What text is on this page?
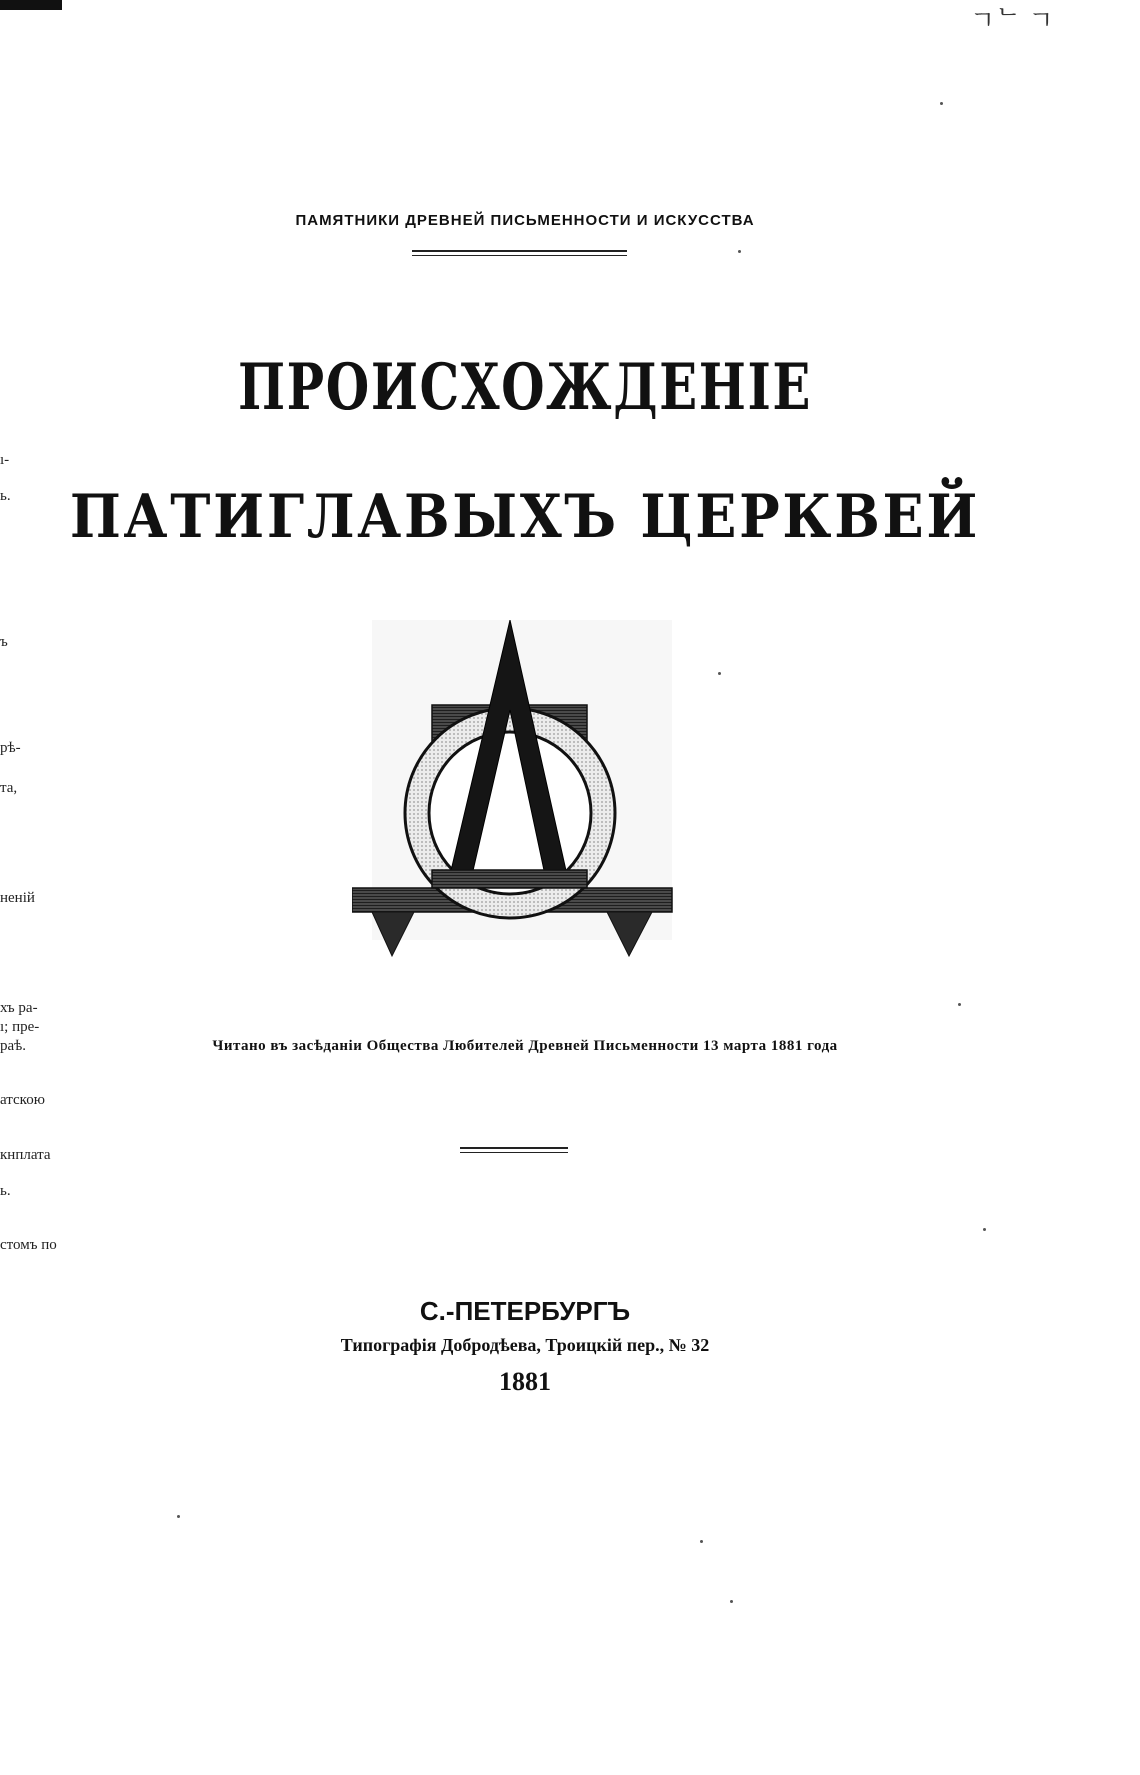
ㄱᄂ ㄱ
ПАМЯТНИКИ ДРЕВНЕЙ ПИСЬМЕННОСТИ И ИСКУССТВА
ПРОИСХОЖДЕНІЕ
ПАТИГЛАВЫХЪ ЦЕРКВЕЙ
Читано въ засѣданіи Общества Любителей Древней Письменности 13 марта 1881 года
С.-ПЕТЕРБУРГЪ
Типографія Добродѣева, Троицкій пер., № 32
1881
ı-
ь.
ъ
рѣ-
та,
неній
хъ ра-
ı; пре-
раѣ.
атскою
кнплата
ь.
стомъ по
